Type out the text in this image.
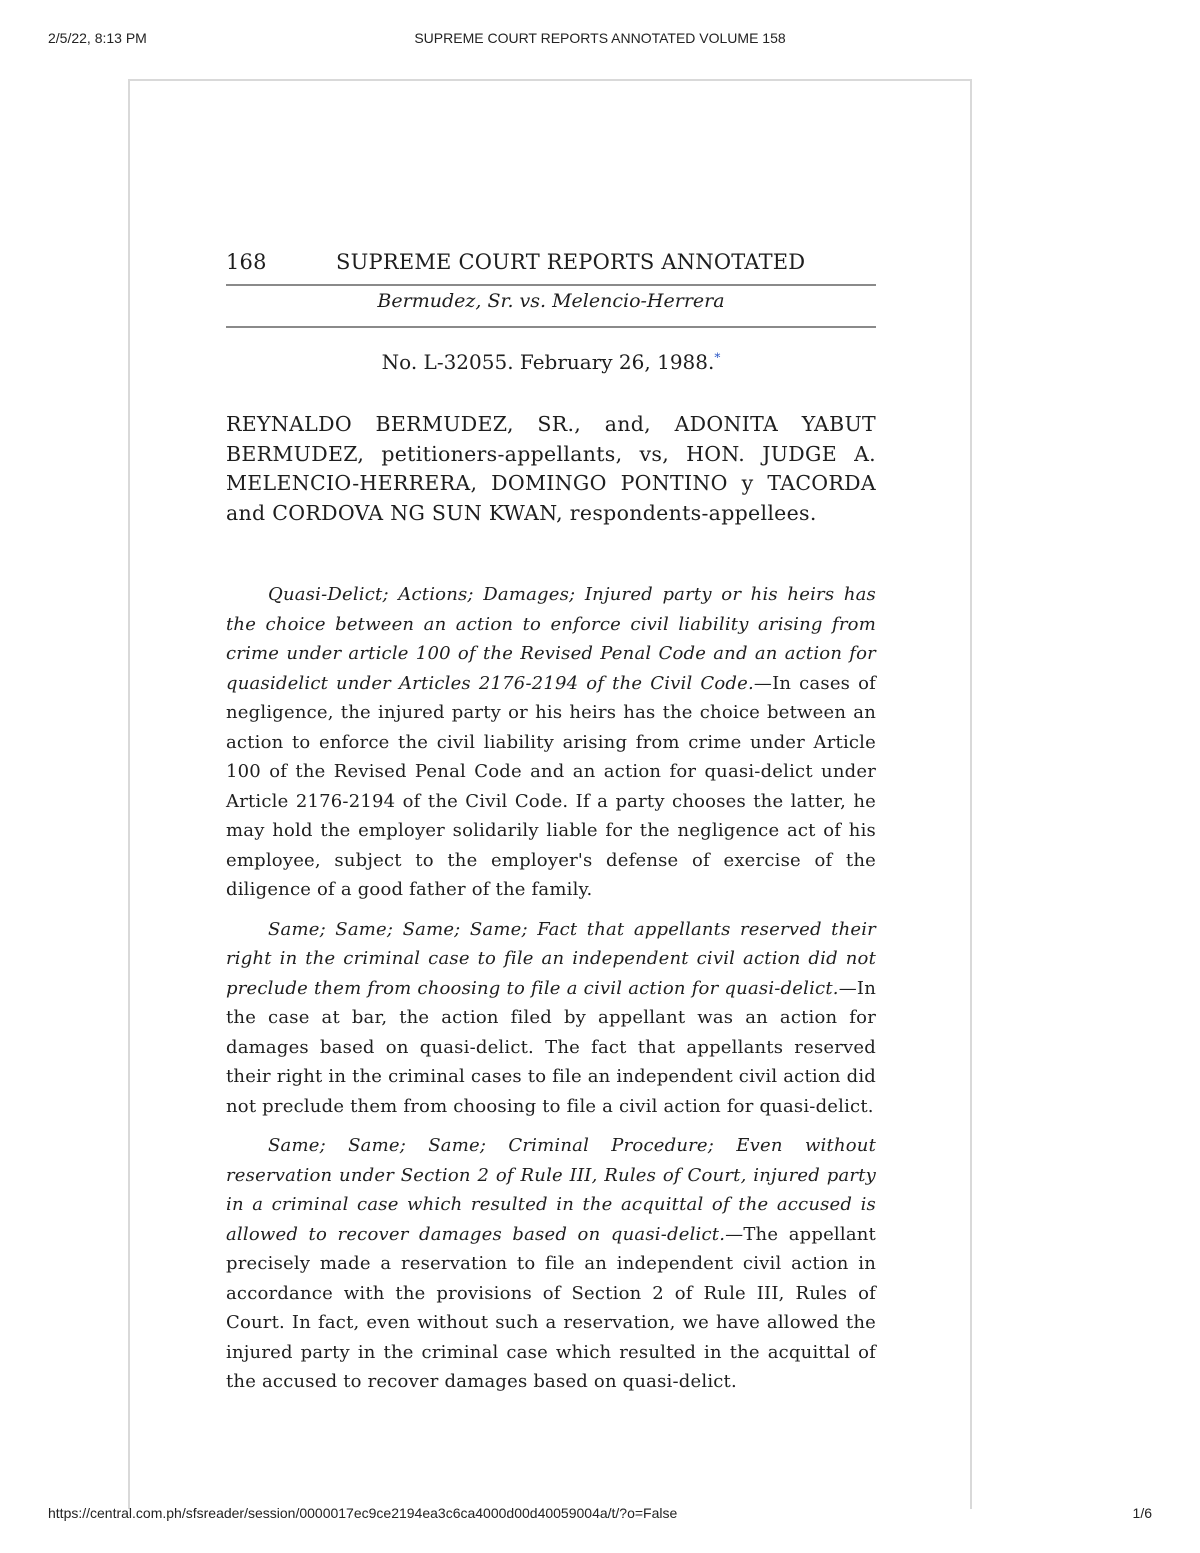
2/5/22, 8:13 PM	SUPREME COURT REPORTS ANNOTATED VOLUME 158
168	SUPREME COURT REPORTS ANNOTATED
Bermudez, Sr. vs. Melencio-Herrera
No. L-32055. February 26, 1988.*
REYNALDO BERMUDEZ, SR., and, ADONITA YABUT BERMUDEZ, petitioners-appellants, vs, HON. JUDGE A. MELENCIO-HERRERA, DOMINGO PONTINO y TACORDA and CORDOVA NG SUN KWAN, respondents-appellees.

Quasi-Delict; Actions; Damages; Injured party or his heirs has the choice between an action to enforce civil liability arising from crime under article 100 of the Revised Penal Code and an action for quasidelict under Articles 2176-2194 of the Civil Code.—In cases of negligence, the injured party or his heirs has the choice between an action to enforce the civil liability arising from crime under Article 100 of the Revised Penal Code and an action for quasi-delict under Article 2176-2194 of the Civil Code. If a party chooses the latter, he may hold the employer solidarily liable for the negligence act of his employee, subject to the employer's defense of exercise of the diligence of a good father of the family.

Same; Same; Same; Same; Fact that appellants reserved their right in the criminal case to file an independent civil action did not preclude them from choosing to file a civil action for quasi-delict.—In the case at bar, the action filed by appellant was an action for damages based on quasi-delict. The fact that appellants reserved their right in the criminal cases to file an independent civil action did not preclude them from choosing to file a civil action for quasi-delict.

Same; Same; Same; Criminal Procedure; Even without reservation under Section 2 of Rule III, Rules of Court, injured party in a criminal case which resulted in the acquittal of the accused is allowed to recover damages based on quasi-delict.—The appellant precisely made a reservation to file an independent civil action in accordance with the provisions of Section 2 of Rule III, Rules of Court. In fact, even without such a reservation, we have allowed the injured party in the criminal case which resulted in the acquittal of the accused to recover damages based on quasi-delict.

https://central.com.ph/sfsreader/session/0000017ec9ce2194ea3c6ca4000d00d40059004a/t/?o=False	1/6
